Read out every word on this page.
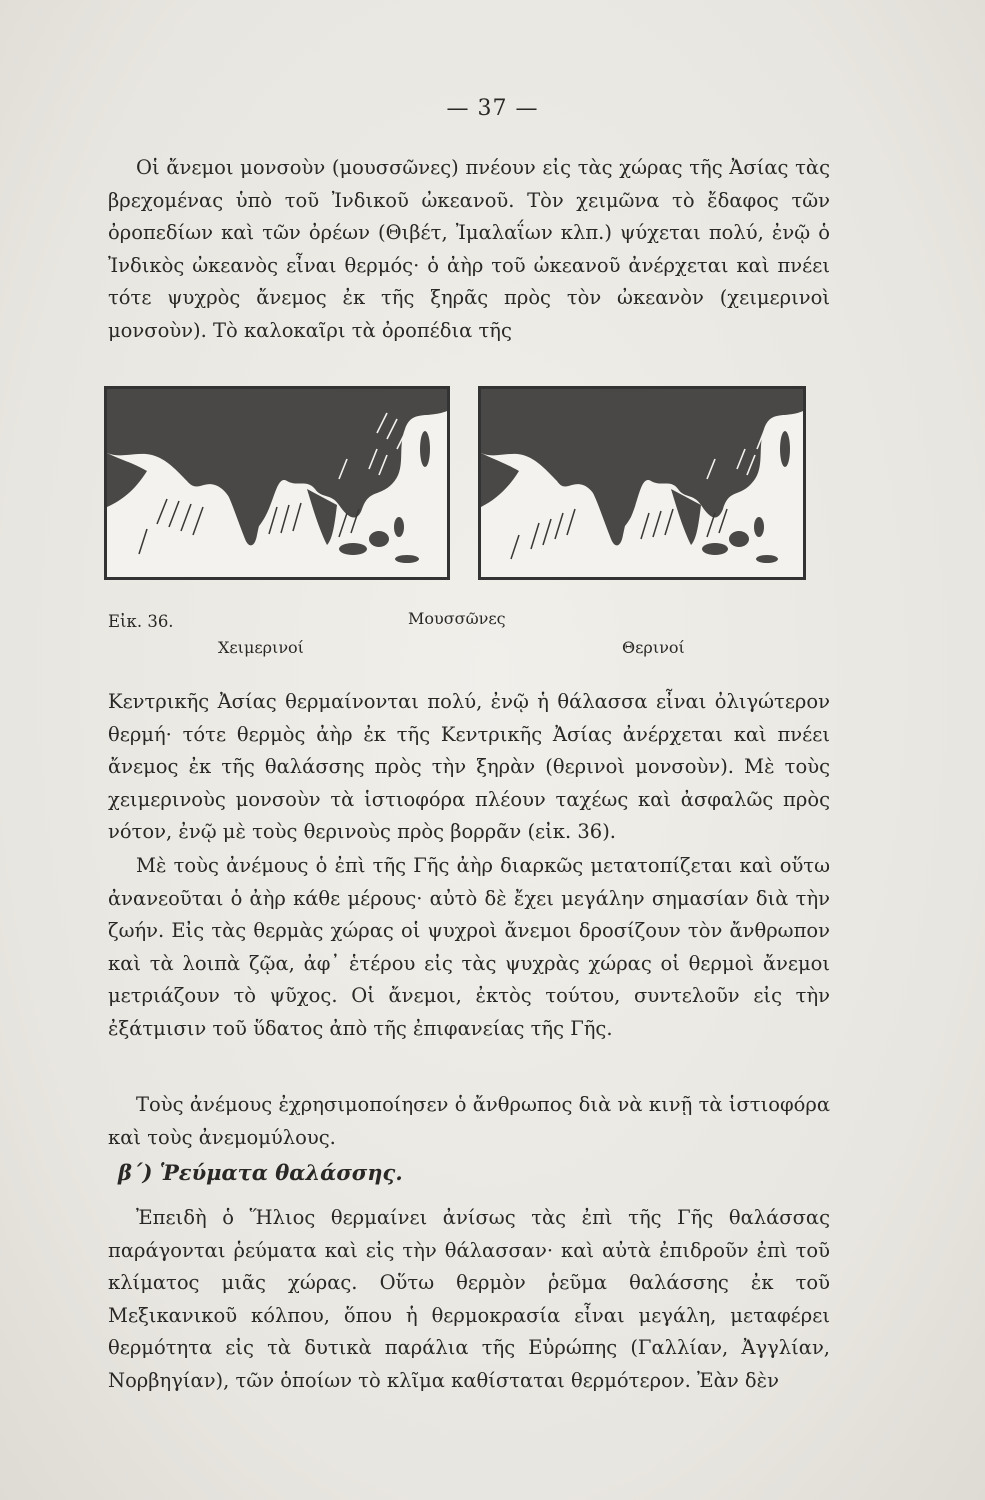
— 37 —

Οἱ ἄνεμοι μονσοὺν (μουσσῶνες) πνέουν εἰς τὰς χώρας τῆς Ἀσίας τὰς βρεχομένας ὑπὸ τοῦ Ἰνδικοῦ ὠκεανοῦ. Τὸν χειμῶνα τὸ ἔδαφος τῶν ὀροπεδίων καὶ τῶν ὀρέων (Θιβέτ, Ἰμαλαΐων κλπ.) ψύχεται πολύ, ἐνῷ ὁ Ἰνδικὸς ὠκεανὸς εἶναι θερμός· ὁ ἀὴρ τοῦ ὠκεανοῦ ἀνέρχεται καὶ πνέει τότε ψυχρὸς ἄνεμος ἐκ τῆς ξηρᾶς πρὸς τὸν ὠκεανὸν (χειμερινοὶ μονσοὺν). Τὸ καλοκαῖρι τὰ ὀροπέδια τῆς

Εἰκ. 36.	Μουσσῶνες
Χειμερινοί	Θερινοί

Κεντρικῆς Ἀσίας θερμαίνονται πολύ, ἐνῷ ἡ θάλασσα εἶναι ὀλιγώτερον θερμή· τότε θερμὸς ἀὴρ ἐκ τῆς Κεντρικῆς Ἀσίας ἀνέρχεται καὶ πνέει ἄνεμος ἐκ τῆς θαλάσσης πρὸς τὴν ξηρὰν (θερινοὶ μονσοὺν). Μὲ τοὺς χειμερινοὺς μονσοὺν τὰ ἱστιοφόρα πλέουν ταχέως καὶ ἀσφαλῶς πρὸς νότον, ἐνῷ μὲ τοὺς θερινοὺς πρὸς βορρᾶν (εἰκ. 36).

Μὲ τοὺς ἀνέμους ὁ ἐπὶ τῆς Γῆς ἀὴρ διαρκῶς μετατοπίζεται καὶ οὕτω ἀνανεοῦται ὁ ἀὴρ κάθε μέρους· αὐτὸ δὲ ἔχει μεγάλην σημασίαν διὰ τὴν ζωήν. Εἰς τὰς θερμὰς χώρας οἱ ψυχροὶ ἄνεμοι δροσίζουν τὸν ἄνθρωπον καὶ τὰ λοιπὰ ζῷα, ἀφ᾽ ἑτέρου εἰς τὰς ψυχρὰς χώρας οἱ θερμοὶ ἄνεμοι μετριάζουν τὸ ψῦχος. Οἱ ἄνεμοι, ἐκτὸς τούτου, συντελοῦν εἰς τὴν ἐξάτμισιν τοῦ ὕδατος ἀπὸ τῆς ἐπιφανείας τῆς Γῆς.

Τοὺς ἀνέμους ἐχρησιμοποίησεν ὁ ἄνθρωπος διὰ νὰ κινῇ τὰ ἱστιοφόρα καὶ τοὺς ἀνεμομύλους.

β΄) Ῥεύματα θαλάσσης.

Ἐπειδὴ ὁ Ἥλιος θερμαίνει ἀνίσως τὰς ἐπὶ τῆς Γῆς θαλάσσας παράγονται ῥεύματα καὶ εἰς τὴν θάλασσαν· καὶ αὐτὰ ἐπιδροῦν ἐπὶ τοῦ κλίματος μιᾶς χώρας. Οὕτω θερμὸν ῥεῦμα θαλάσσης ἐκ τοῦ Μεξικανικοῦ κόλπου, ὅπου ἡ θερμοκρασία εἶναι μεγάλη, μεταφέρει θερμότητα εἰς τὰ δυτικὰ παράλια τῆς Εὐρώπης (Γαλλίαν, Ἀγγλίαν, Νορβηγίαν), τῶν ὁποίων τὸ κλῖμα καθίσταται θερμότερον. Ἐὰν δὲν
